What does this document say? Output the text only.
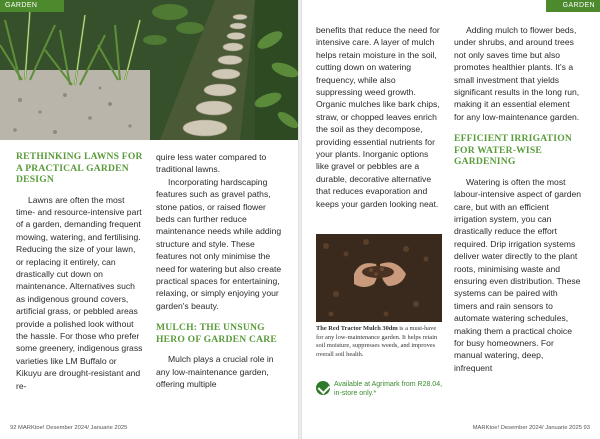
GARDEN
RETHINKING LAWNS FOR A PRACTICAL GARDEN DESIGN

Lawns are often the most time- and resource-intensive part of a garden, demanding frequent mowing, watering, and fertilising. Reducing the size of your lawn, or replacing it entirely, can drastically cut down on maintenance. Alternatives such as indigenous ground covers, artificial grass, or pebbled areas provide a polished look without the hassle. For those who prefer some greenery, indigenous grass varieties like LM Buffalo or Kikuyu are drought-resistant and re-

quire less water compared to traditional lawns.

Incorporating hardscaping features such as gravel paths, stone patios, or raised flower beds can further reduce maintenance needs while adding structure and style. These features not only minimise the need for watering but also create practical spaces for entertaining, relaxing, or simply enjoying your garden's beauty.

MULCH: THE UNSUNG HERO OF GARDEN CARE

Mulch plays a crucial role in any low-maintenance garden, offering multiple

92 MARKtoe! Desember 2024/ Januarie 2025
GARDEN

benefits that reduce the need for intensive care. A layer of mulch helps retain moisture in the soil, cutting down on watering frequency, while also suppressing weed growth. Organic mulches like bark chips, straw, or chopped leaves enrich the soil as they decompose, providing essential nutrients for your plants. Inorganic options like gravel or pebbles are a durable, decorative alternative that reduces evaporation and keeps your garden looking neat.

The Red Tractor Mulch 30dm is a must-have for any low-maintenance garden. It helps retain soil moisture, suppresses weeds, and improves overall soil health.
Available at Agrimark from R28.04, in-store only.*

Adding mulch to flower beds, under shrubs, and around trees not only saves time but also promotes healthier plants. It's a small investment that yields significant results in the long run, making it an essential element for any low-maintenance garden.

EFFICIENT IRRIGATION FOR WATER-WISE GARDENING

Watering is often the most labour-intensive aspect of garden care, but with an efficient irrigation system, you can drastically reduce the effort required. Drip irrigation systems deliver water directly to the plant roots, minimising waste and ensuring even distribution. These systems can be paired with timers and rain sensors to automate watering schedules, making them a practical choice for busy homeowners. For manual watering, deep, infrequent

MARKtoe! Desember 2024/ Januarie 2025 93
